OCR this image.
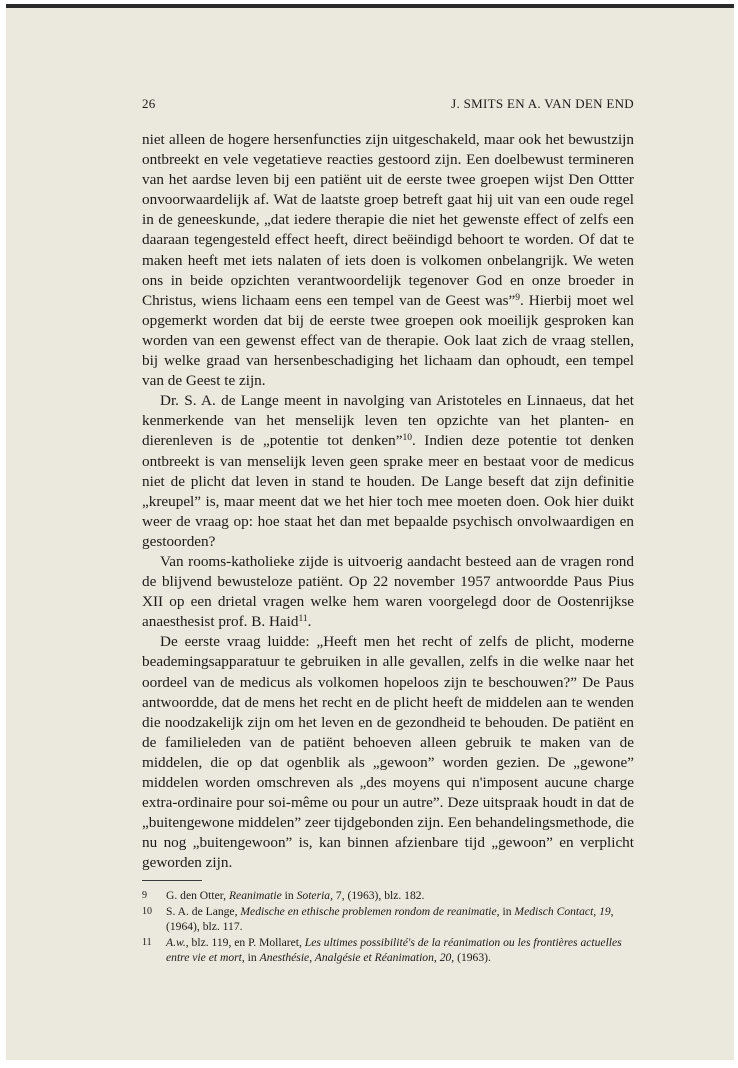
26	J. SMITS EN A. VAN DEN END

niet alleen de hogere hersenfuncties zijn uitgeschakeld, maar ook het bewustzijn ontbreekt en vele vegetatieve reacties gestoord zijn. Een doelbewust termineren van het aardse leven bij een patiënt uit de eerste twee groepen wijst Den Ottter onvoorwaardelijk af. Wat de laatste groep betreft gaat hij uit van een oude regel in de geneeskunde, „dat iedere therapie die niet het gewenste effect of zelfs een daaraan tegengesteld effect heeft, direct beëindigd behoort te worden. Of dat te maken heeft met iets nalaten of iets doen is volkomen onbelangrijk. We weten ons in beide opzichten verantwoordelijk tegenover God en onze broeder in Christus, wiens lichaam eens een tempel van de Geest was”$^9$. Hierbij moet wel opgemerkt worden dat bij de eerste twee groepen ook moeilijk gesproken kan worden van een gewenst effect van de therapie. Ook laat zich de vraag stellen, bij welke graad van hersenbeschadiging het lichaam dan ophoudt, een tempel van de Geest te zijn.

Dr. S. A. de Lange meent in navolging van Aristoteles en Linnaeus, dat het kenmerkende van het menselijk leven ten opzichte van het planten- en dierenleven is de „potentie tot denken”$^{10}$. Indien deze potentie tot denken ontbreekt is van menselijk leven geen sprake meer en bestaat voor de medicus niet de plicht dat leven in stand te houden. De Lange beseft dat zijn definitie „kreupel” is, maar meent dat we het hier toch mee moeten doen. Ook hier duikt weer de vraag op: hoe staat het dan met bepaalde psychisch onvolwaardigen en gestoorden?

Van rooms-katholieke zijde is uitvoerig aandacht besteed aan de vragen rond de blijvend bewusteloze patiënt. Op 22 november 1957 antwoordde Paus Pius XII op een drietal vragen welke hem waren voorgelegd door de Oostenrijkse anaesthesist prof. B. Haid$^{11}$.

De eerste vraag luidde: „Heeft men het recht of zelfs de plicht, moderne beademingsapparatuur te gebruiken in alle gevallen, zelfs in die welke naar het oordeel van de medicus als volkomen hopeloos zijn te beschouwen?” De Paus antwoordde, dat de mens het recht en de plicht heeft de middelen aan te wenden die noodzakelijk zijn om het leven en de gezondheid te behouden. De patiënt en de familieleden van de patiënt behoeven alleen gebruik te maken van de middelen, die op dat ogenblik als „gewoon” worden gezien. De „gewone” middelen worden omschreven als „des moyens qui n'imposent aucune charge extra-ordinaire pour soi-même ou pour un autre”. Deze uitspraak houdt in dat de „buitengewone middelen” zeer tijdgebonden zijn. Een behandelingsmethode, die nu nog „buitengewoon” is, kan binnen afzienbare tijd „gewoon” en verplicht geworden zijn.

9 G. den Otter, Reanimatie in Soteria, 7, (1963), blz. 182.
10 S. A. de Lange, Medische en ethische problemen rondom de reanimatie, in Medisch Contact, 19, (1964), blz. 117.
11 A.w., blz. 119, en P. Mollaret, Les ultimes possibilité's de la réanimation ou les frontières actuelles entre vie et mort, in Anesthésie, Analgésie et Réanimation, 20, (1963).
